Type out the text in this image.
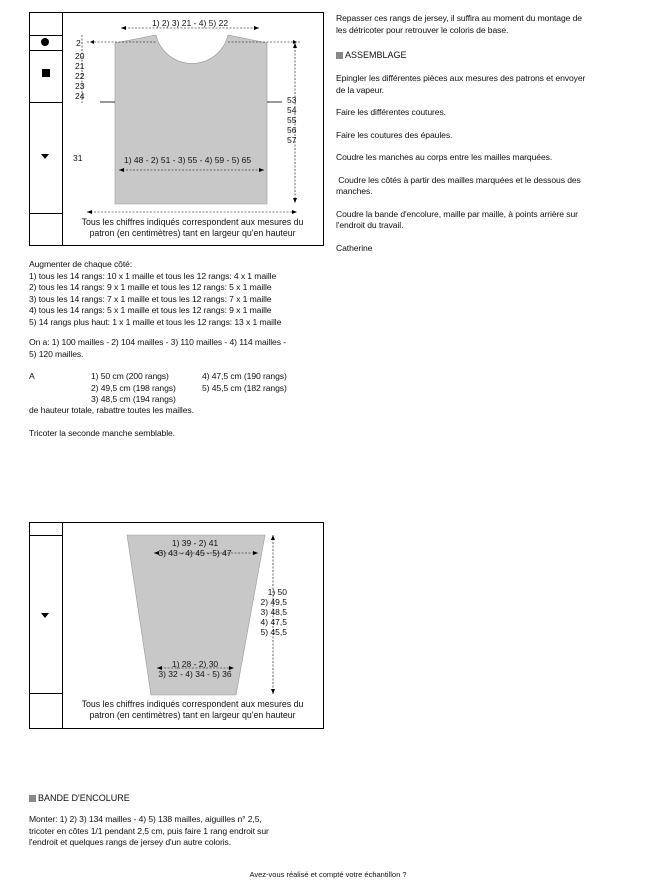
1) 2) 3) 21 - 4) 5) 22
2
20
21
22
23
24	53
54
55
56
57
31	1) 48 - 2) 51 - 3) 55 - 4) 59 - 5) 65
Tous les chiffres indiqués correspondent aux mesures du
patron (en centimètres) tant en largeur qu'en hauteur
Augmenter de chaque côté:
1) tous les 14 rangs: 10 x 1 maille et tous les 12 rangs: 4 x 1 maille
2) tous les 14 rangs: 9 x 1 maille et tous les 12 rangs: 5 x 1 maille
3) tous les 14 rangs: 7 x 1 maille et tous les 12 rangs: 7 x 1 maille
4) tous les 14 rangs: 5 x 1 maille et tous les 12 rangs: 9 x 1 maille
5) 14 rangs plus haut: 1 x 1 maille et tous les 12 rangs: 13 x 1 maille
On a: 1) 100 mailles - 2) 104 mailles - 3) 110 mailles - 4) 114 mailles -
5) 120 mailles.
A	1) 50 cm (200 rangs)
2) 49,5 cm (198 rangs)
3) 48,5 cm (194 rangs)
4) 47,5 cm (190 rangs)
5) 45,5 cm (182 rangs)
de hauteur totale, rabattre toutes les mailles.
Tricoter la seconde manche semblable.
Repasser ces rangs de jersey, il suffira au moment du montage de
les détricoter pour retrouver le coloris de base.
ASSEMBLAGE
Epingler les différentes pièces aux mesures des patrons et envoyer
de la vapeur.
Faire les différentes coutures.
Faire les coutures des épaules.
Coudre les manches au corps entre les mailles marquées.
Coudre les côtés à partir des mailles marquées et le dessous des
manches.
Coudre la bande d'encolure, maille par maille, à points arrière sur
l'endroit du travail.
Catherine
1) 39 - 2) 41
3) 43 - 4) 45 - 5) 47
1) 28 - 2) 30
3) 32 - 4) 34 - 5) 36
1) 50
2) 49,5
3) 48,5
4) 47,5
5) 45,5
Tous les chiffres indiqués correspondent aux mesures du
patron (en centimètres) tant en largeur qu'en hauteur
BANDE D'ENCOLURE
Monter: 1) 2) 3) 134 mailles - 4) 5) 138 mailles, aiguilles n° 2,5,
tricoter en côtes 1/1 pendant 2,5 cm, puis faire 1 rang endroit sur
l'endroit et quelques rangs de jersey d'un autre coloris.
Avez-vous réalisé et compté votre échantillon ?
